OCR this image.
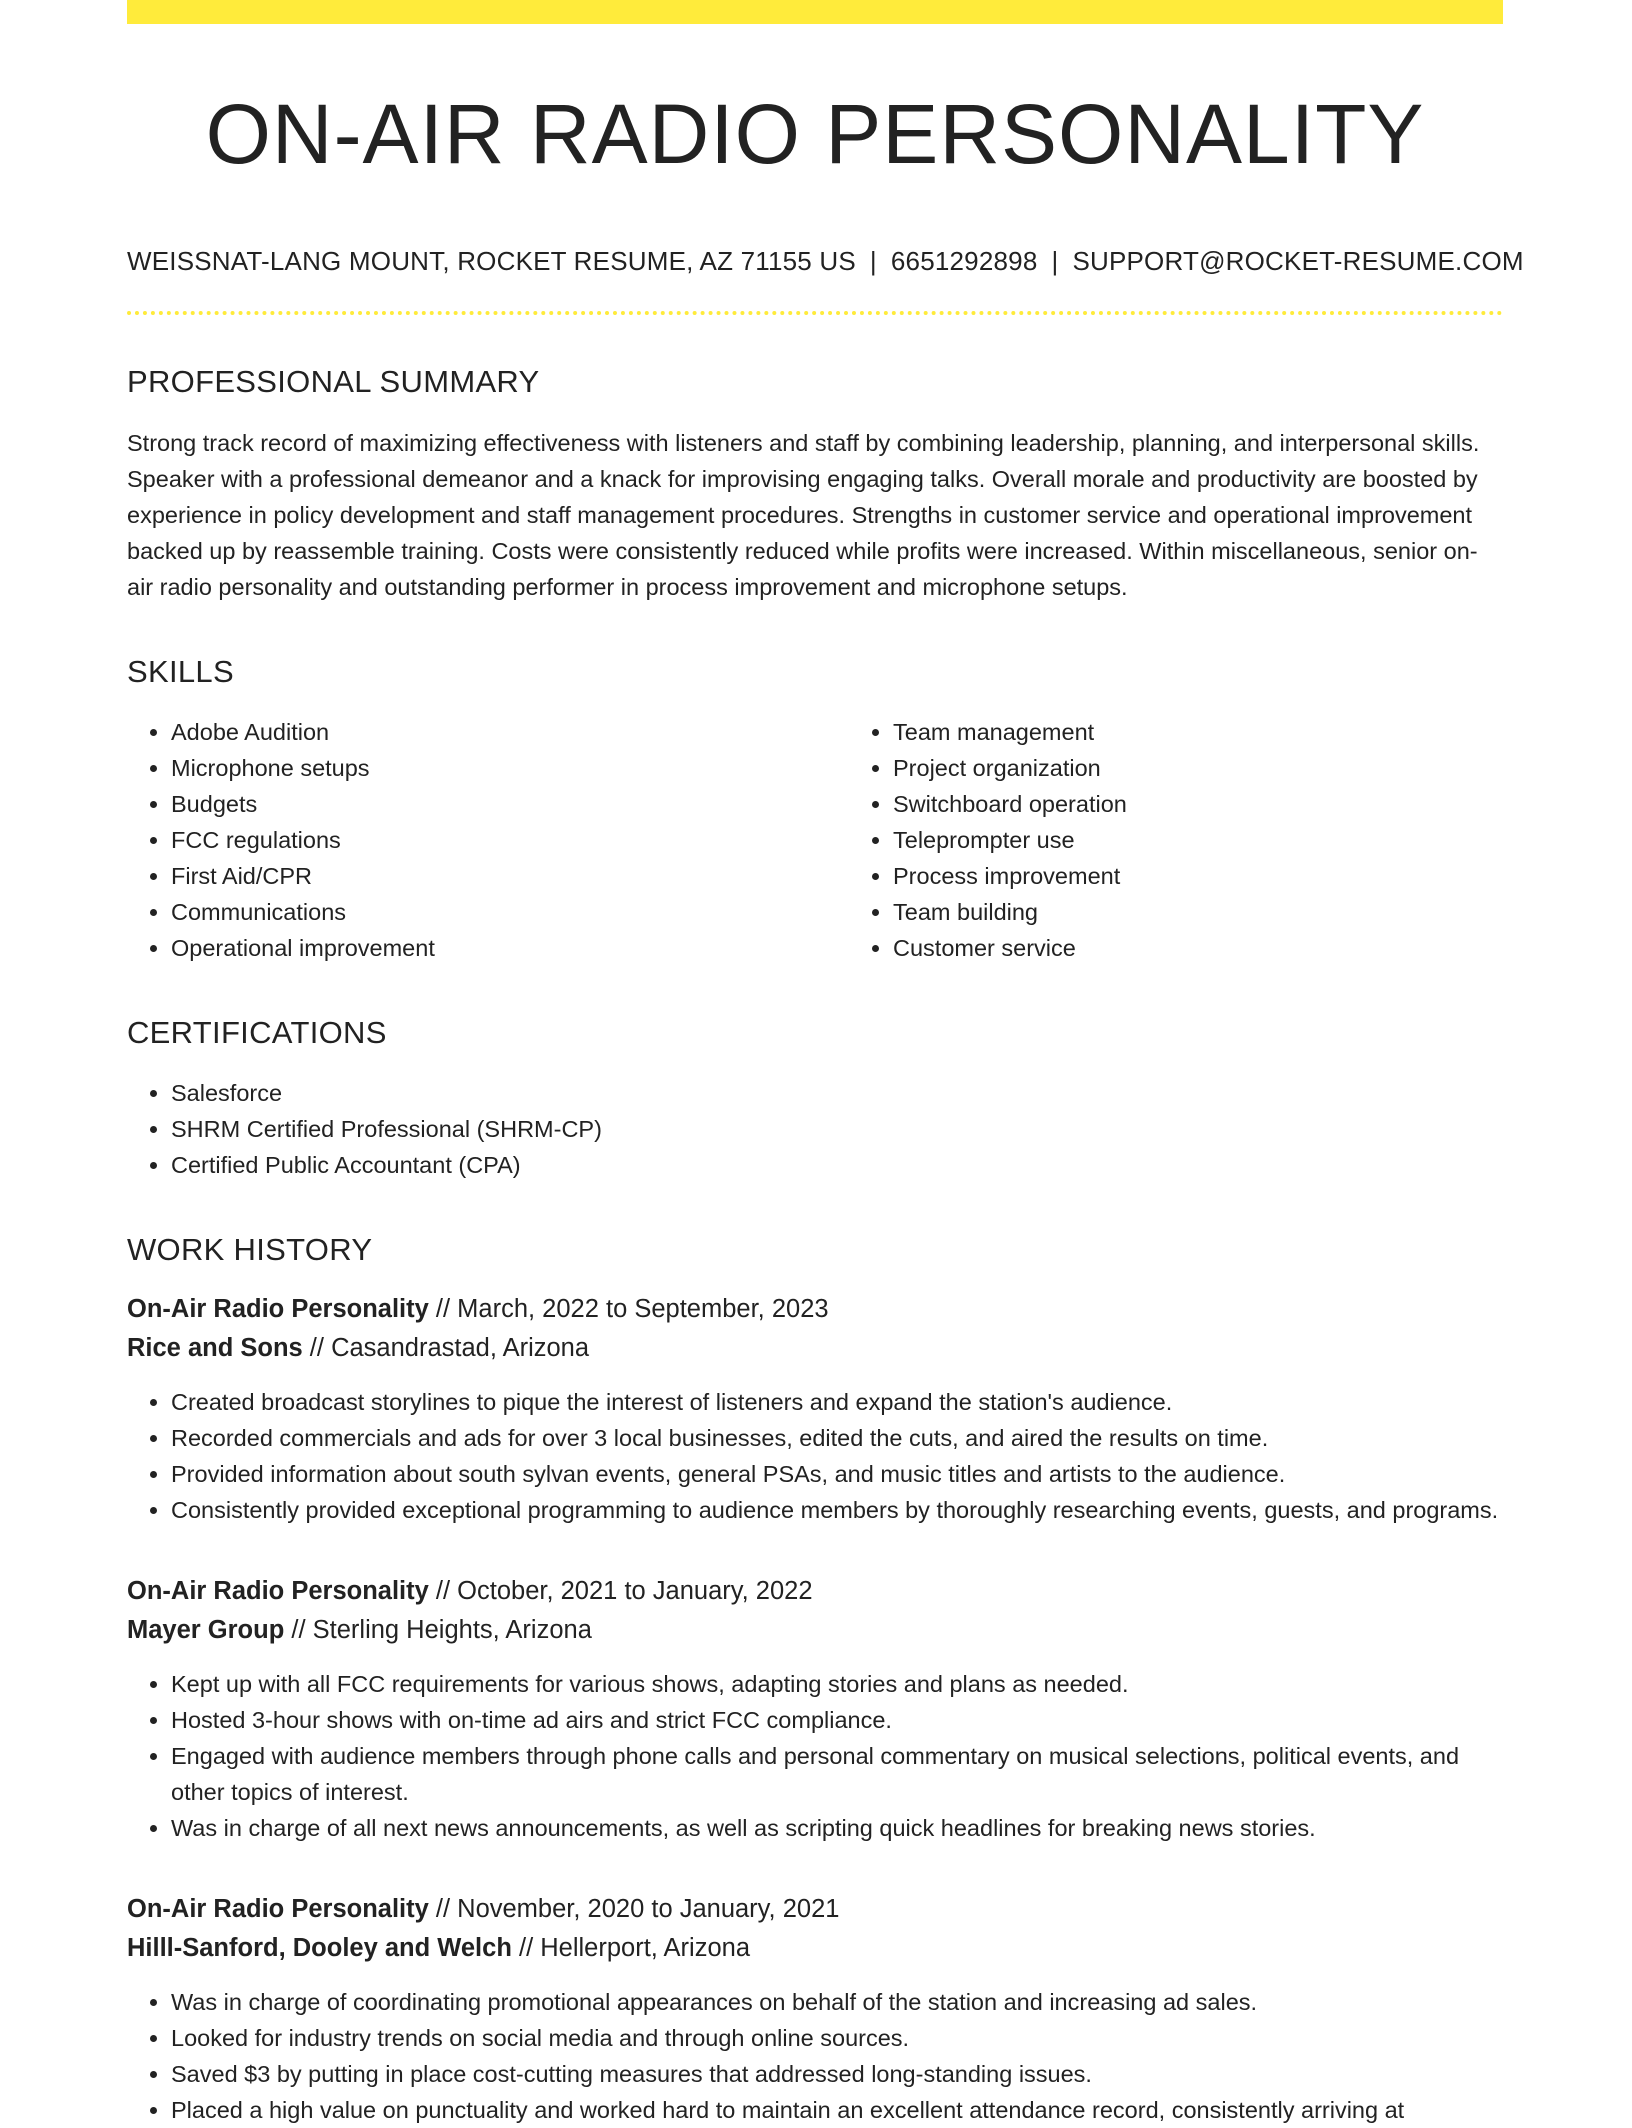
ON-AIR RADIO PERSONALITY
WEISSNAT-LANG MOUNT, ROCKET RESUME, AZ 71155 US | 6651292898 | SUPPORT@ROCKET-RESUME.COM
PROFESSIONAL SUMMARY

Strong track record of maximizing effectiveness with listeners and staff by combining leadership, planning, and interpersonal skills. Speaker with a professional demeanor and a knack for improvising engaging talks. Overall morale and productivity are boosted by experience in policy development and staff management procedures. Strengths in customer service and operational improvement backed up by reassemble training. Costs were consistently reduced while profits were increased. Within miscellaneous, senior on-air radio personality and outstanding performer in process improvement and microphone setups.

SKILLS
• Adobe Audition
• Microphone setups
• Budgets
• FCC regulations
• First Aid/CPR
• Communications
• Operational improvement
• Team management
• Project organization
• Switchboard operation
• Teleprompter use
• Process improvement
• Team building
• Customer service
CERTIFICATIONS
• Salesforce
• SHRM Certified Professional (SHRM-CP)
• Certified Public Accountant (CPA)
WORK HISTORY
On-Air Radio Personality // March, 2022 to September, 2023
Rice and Sons // Casandrastad, Arizona
• Created broadcast storylines to pique the interest of listeners and expand the station's audience.
• Recorded commercials and ads for over 3 local businesses, edited the cuts, and aired the results on time.
• Provided information about south sylvan events, general PSAs, and music titles and artists to the audience.
• Consistently provided exceptional programming to audience members by thoroughly researching events, guests, and programs.
On-Air Radio Personality // October, 2021 to January, 2022
Mayer Group // Sterling Heights, Arizona
• Kept up with all FCC requirements for various shows, adapting stories and plans as needed.
• Hosted 3-hour shows with on-time ad airs and strict FCC compliance.
• Engaged with audience members through phone calls and personal commentary on musical selections, political events, and other topics of interest.
• Was in charge of all next news announcements, as well as scripting quick headlines for breaking news stories.
On-Air Radio Personality // November, 2020 to January, 2021
Hilll-Sanford, Dooley and Welch // Hellerport, Arizona
• Was in charge of coordinating promotional appearances on behalf of the station and increasing ad sales.
• Looked for industry trends on social media and through online sources.
• Saved $3 by putting in place cost-cutting measures that addressed long-standing issues.
• Placed a high value on punctuality and worked hard to maintain an excellent attendance record, consistently arriving at
